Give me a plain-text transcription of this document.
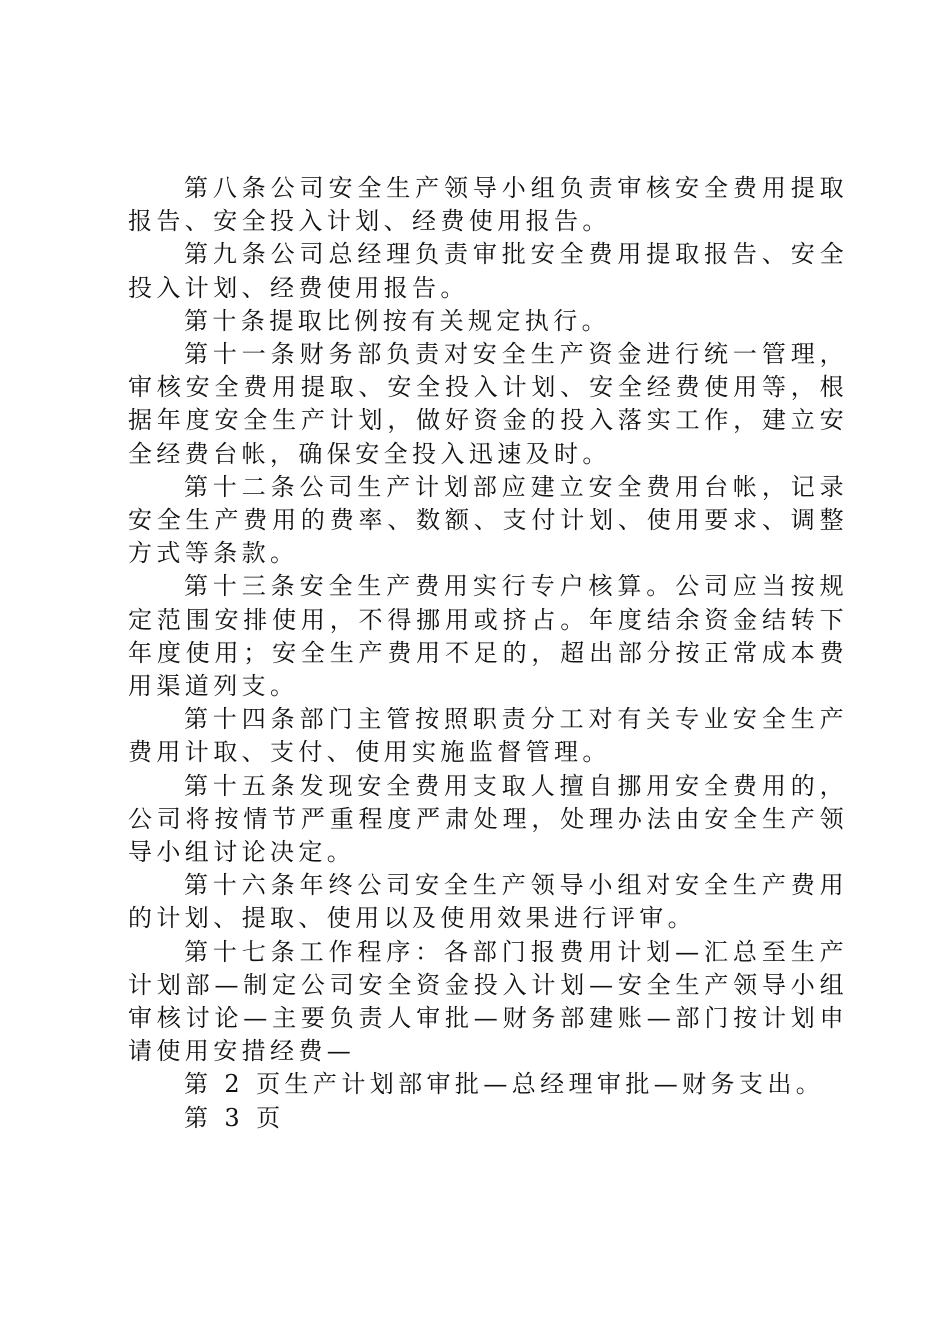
第八条公司安全生产领导小组负责审核安全费用提取报告、安全投入计划、经费使用报告。

第九条公司总经理负责审批安全费用提取报告、安全投入计划、经费使用报告。

第十条提取比例按有关规定执行。

第十一条财务部负责对安全生产资金进行统一管理，审核安全费用提取、安全投入计划、安全经费使用等，根据年度安全生产计划，做好资金的投入落实工作，建立安全经费台帐，确保安全投入迅速及时。

第十二条公司生产计划部应建立安全费用台帐，记录安全生产费用的费率、数额、支付计划、使用要求、调整方式等条款。

第十三条安全生产费用实行专户核算。公司应当按规定范围安排使用，不得挪用或挤占。年度结余资金结转下年度使用；安全生产费用不足的，超出部分按正常成本费用渠道列支。

第十四条部门主管按照职责分工对有关专业安全生产费用计取、支付、使用实施监督管理。

第十五条发现安全费用支取人擅自挪用安全费用的，公司将按情节严重程度严肃处理，处理办法由安全生产领导小组讨论决定。

第十六条年终公司安全生产领导小组对安全生产费用的计划、提取、使用以及使用效果进行评审。

第十七条工作程序：各部门报费用计划—汇总至生产计划部—制定公司安全资金投入计划—安全生产领导小组审核讨论—主要负责人审批—财务部建账—部门按计划申请使用安措经费—

第 2 页生产计划部审批—总经理审批—财务支出。

第 3 页
